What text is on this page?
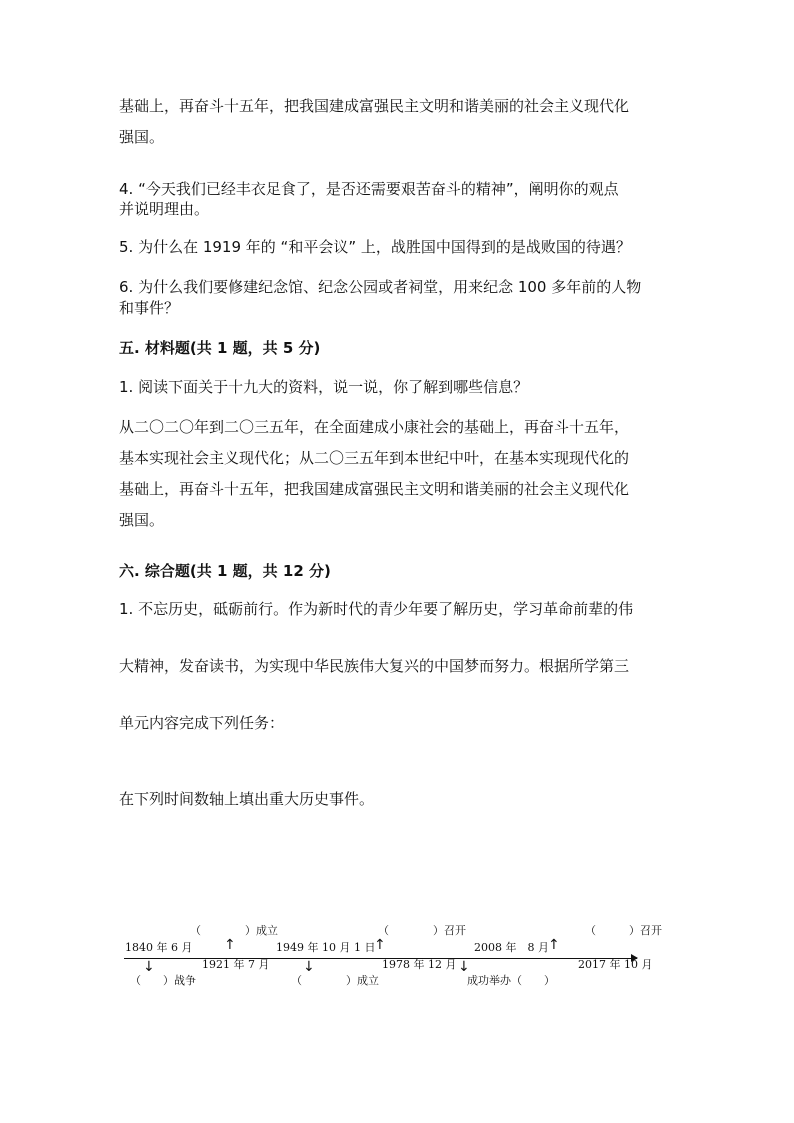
基础上，再奋斗十五年，把我国建成富强民主文明和谐美丽的社会主义现代化
强国。
4. “今天我们已经丰衣足食了，是否还需要艰苦奋斗的精神”，阐明你的观点
并说明理由。
5. 为什么在 1919 年的 “和平会议” 上，战胜国中国得到的是战败国的待遇？
6. 为什么我们要修建纪念馆、纪念公园或者祠堂，用来纪念 100 多年前的人物
和事件？
五. 材料题(共 1 题，共 5 分)
1. 阅读下面关于十九大的资料，说一说，你了解到哪些信息？
从二〇二〇年到二〇三五年，在全面建成小康社会的基础上，再奋斗十五年，
基本实现社会主义现代化；从二〇三五年到本世纪中叶，在基本实现现代化的
基础上，再奋斗十五年，把我国建成富强民主文明和谐美丽的社会主义现代化
强国。
六. 综合题(共 1 题，共 12 分)
1. 不忘历史，砥砺前行。作为新时代的青少年要了解历史，学习革命前辈的伟
大精神，发奋读书，为实现中华民族伟大复兴的中国梦而努力。根据所学第三
单元内容完成下列任务：
在下列时间数轴上填出重大历史事件。
（　　　　）成立	（　　　　）召开	（　　　）召开
1840 年 6 月	1949 年 10 月 1 日	2008 年　8 月
↑	↑	↑
↓	↓	↓
1921 年 7 月	1978 年 12 月	2017 年 10 月
（　　）战争	（　　　　）成立	成功举办（　　）
